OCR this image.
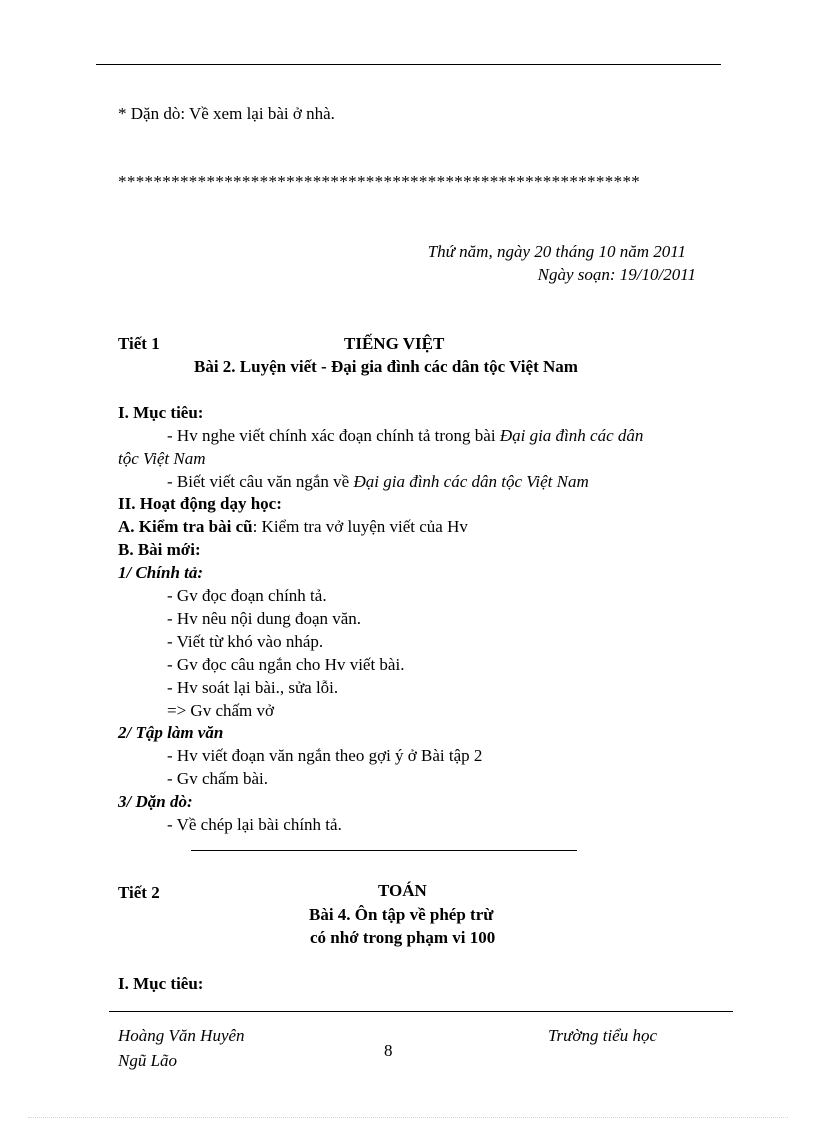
* Dặn dò: Về xem lại bài ở nhà.
***********************************************************
Thứ năm, ngày 20 tháng 10 năm 2011
Ngày soạn: 19/10/2011
Tiết 1	TIẾNG VIỆT
Bài 2. Luyện viết - Đại gia đình các dân tộc Việt Nam
I. Mục tiêu:
- Hv nghe viết chính xác đoạn chính tả trong bài Đại gia đình các dân
tộc Việt Nam
- Biết viết câu văn ngắn về Đại gia đình các dân tộc Việt Nam
II. Hoạt động dạy học:
A. Kiểm tra bài cũ: Kiểm tra vở luyện viết của Hv
B. Bài mới:
1/ Chính tả:
- Gv đọc đoạn chính tả.
- Hv nêu nội dung đoạn văn.
- Viết từ khó vào nháp.
- Gv đọc câu ngắn cho Hv viết bài.
- Hv soát lại bài., sửa lỗi.
=> Gv chấm vở
2/ Tập làm văn
- Hv viết đoạn văn ngắn theo gợi ý ở Bài tập 2
- Gv chấm bài.
3/ Dặn dò:
- Về chép lại bài chính tả.
Tiết 2	TOÁN
Bài 4. Ôn tập về phép trừ
có nhớ trong phạm vi 100
I. Mục tiêu:
Hoàng Văn Huyên
Ngũ Lão
8
Trường tiểu học
